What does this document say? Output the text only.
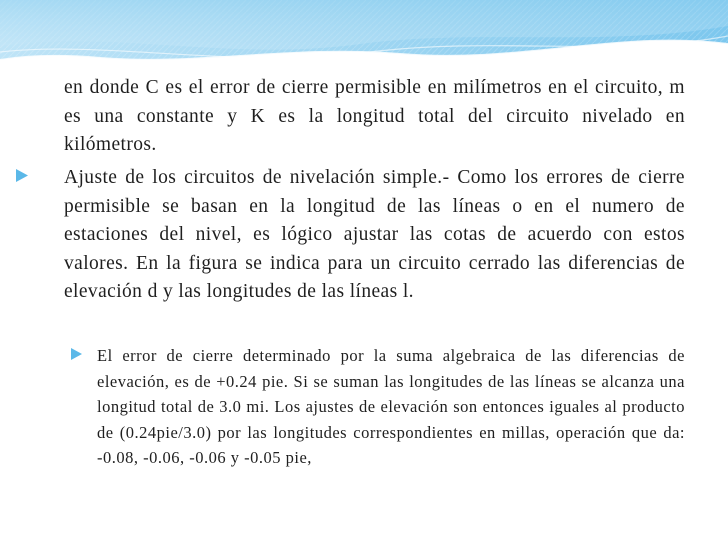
en donde C es el error de cierre permisible en milímetros en el circuito, m es una constante y K es la longitud total del circuito nivelado en kilómetros.

Ajuste de los circuitos de nivelación simple.- Como los errores de cierre permisible se basan en la longitud de las líneas o en el numero de estaciones del nivel, es lógico ajustar las cotas de acuerdo con estos valores. En la figura se indica para un circuito cerrado las diferencias de elevación d y las longitudes de las líneas l.

El error de cierre determinado por la suma algebraica de las diferencias de elevación, es de +0.24 pie. Si se suman las longitudes de las líneas se alcanza una longitud total de 3.0 mi. Los ajustes de elevación son entonces iguales al producto de (0.24pie/3.0) por las longitudes correspondientes en millas, operación que da: -0.08, -0.06, -0.06 y -0.05 pie,
